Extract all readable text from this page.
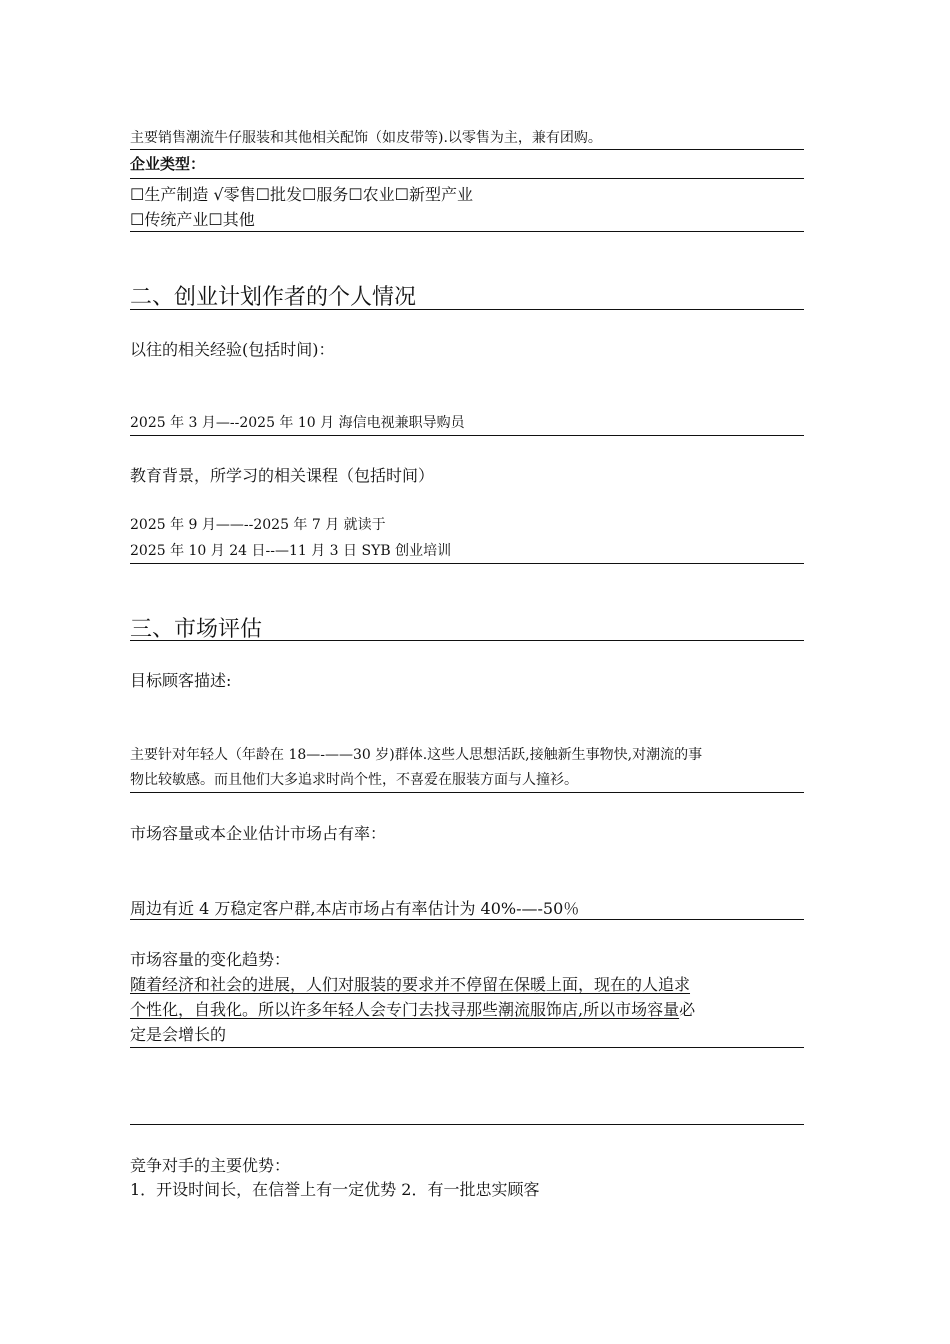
主要销售潮流牛仔服装和其他相关配饰（如皮带等).以零售为主，兼有团购。
企业类型：
☐生产制造 √零售☐批发☐服务☐农业☐新型产业
☐传统产业☐其他
二、创业计划作者的个人情况
以往的相关经验(包括时间)：
2025 年 3 月—--2025 年 10 月 海信电视兼职导购员
教育背景，所学习的相关课程（包括时间）
2025 年 9 月——--2025 年 7 月 就读于
2025 年 10 月 24 日--—11 月 3 日 SYB 创业培训
三、市场评估
目标顾客描述:
主要针对年轻人（年龄在 18—-——30 岁)群体.这些人思想活跃,接触新生事物快,对潮流的事
物比较敏感。而且他们大多追求时尚个性，不喜爱在服装方面与人撞衫。
市场容量或本企业估计市场占有率：
周边有近 4 万稳定客户群,本店市场占有率估计为 40%-—-50％
市场容量的变化趋势：
随着经济和社会的进展，人们对服装的要求并不停留在保暖上面，现在的人追求
个性化，自我化。所以许多年轻人会专门去找寻那些潮流服饰店,所以市场容量必
定是会增长的
竞争对手的主要优势：
1．开设时间长，在信誉上有一定优势 2．有一批忠实顾客
